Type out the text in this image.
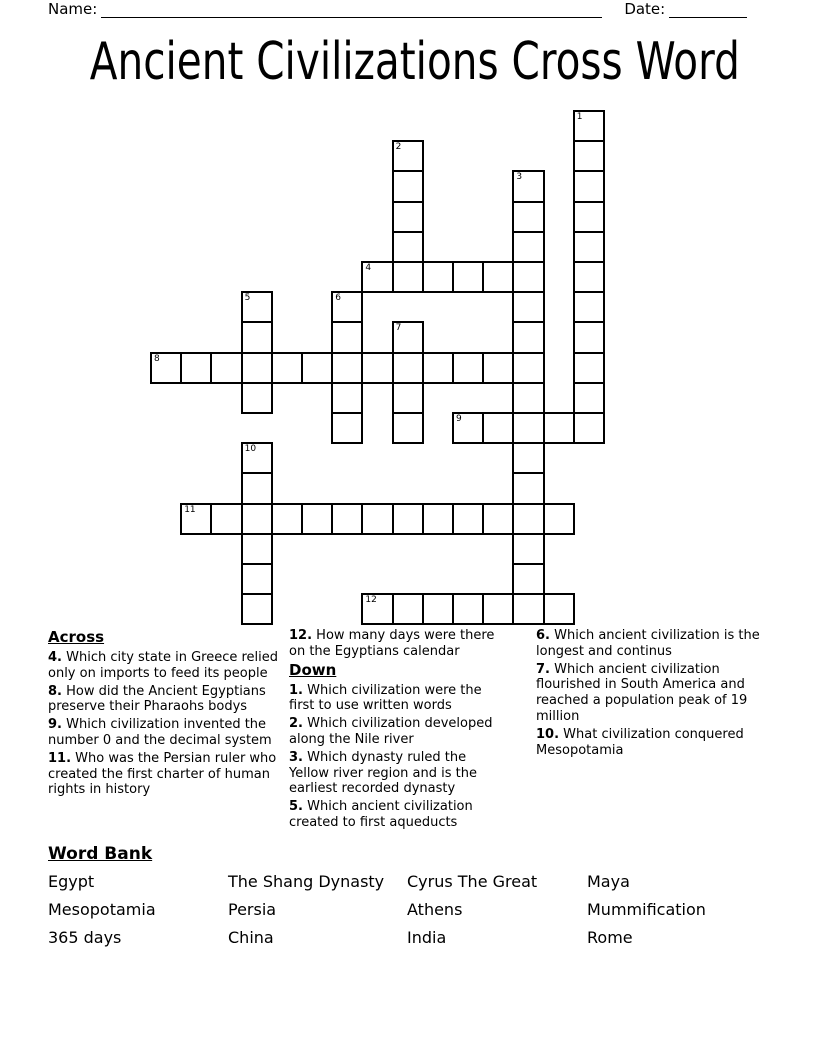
Name:	Date:
Ancient Civilizations Cross Word
1
2
3
4
5	6
7
8
9
10
11
12
Across

4. Which city state in Greece relied only on imports to feed its people

8. How did the Ancient Egyptians preserve their Pharaohs bodys

9. Which civilization invented the number 0 and the decimal system

11. Who was the Persian ruler who created the first charter of human rights in history

12. How many days were there on the Egyptians calendar

Down

1. Which civilization were the first to use written words

2. Which civilization developed along the Nile river

3. Which dynasty ruled the Yellow river region and is the earliest recorded dynasty

5. Which ancient civilization created to first aqueducts

6. Which ancient civilization is the longest and continus

7. Which ancient civilization flourished in South America and reached a population peak of 19 million

10. What civilization conquered Mesopotamia

Word Bank
Egypt	The Shang Dynasty	Cyrus The Great	Maya
Mesopotamia	Persia	Athens	Mummification
365 days	China	India	Rome
